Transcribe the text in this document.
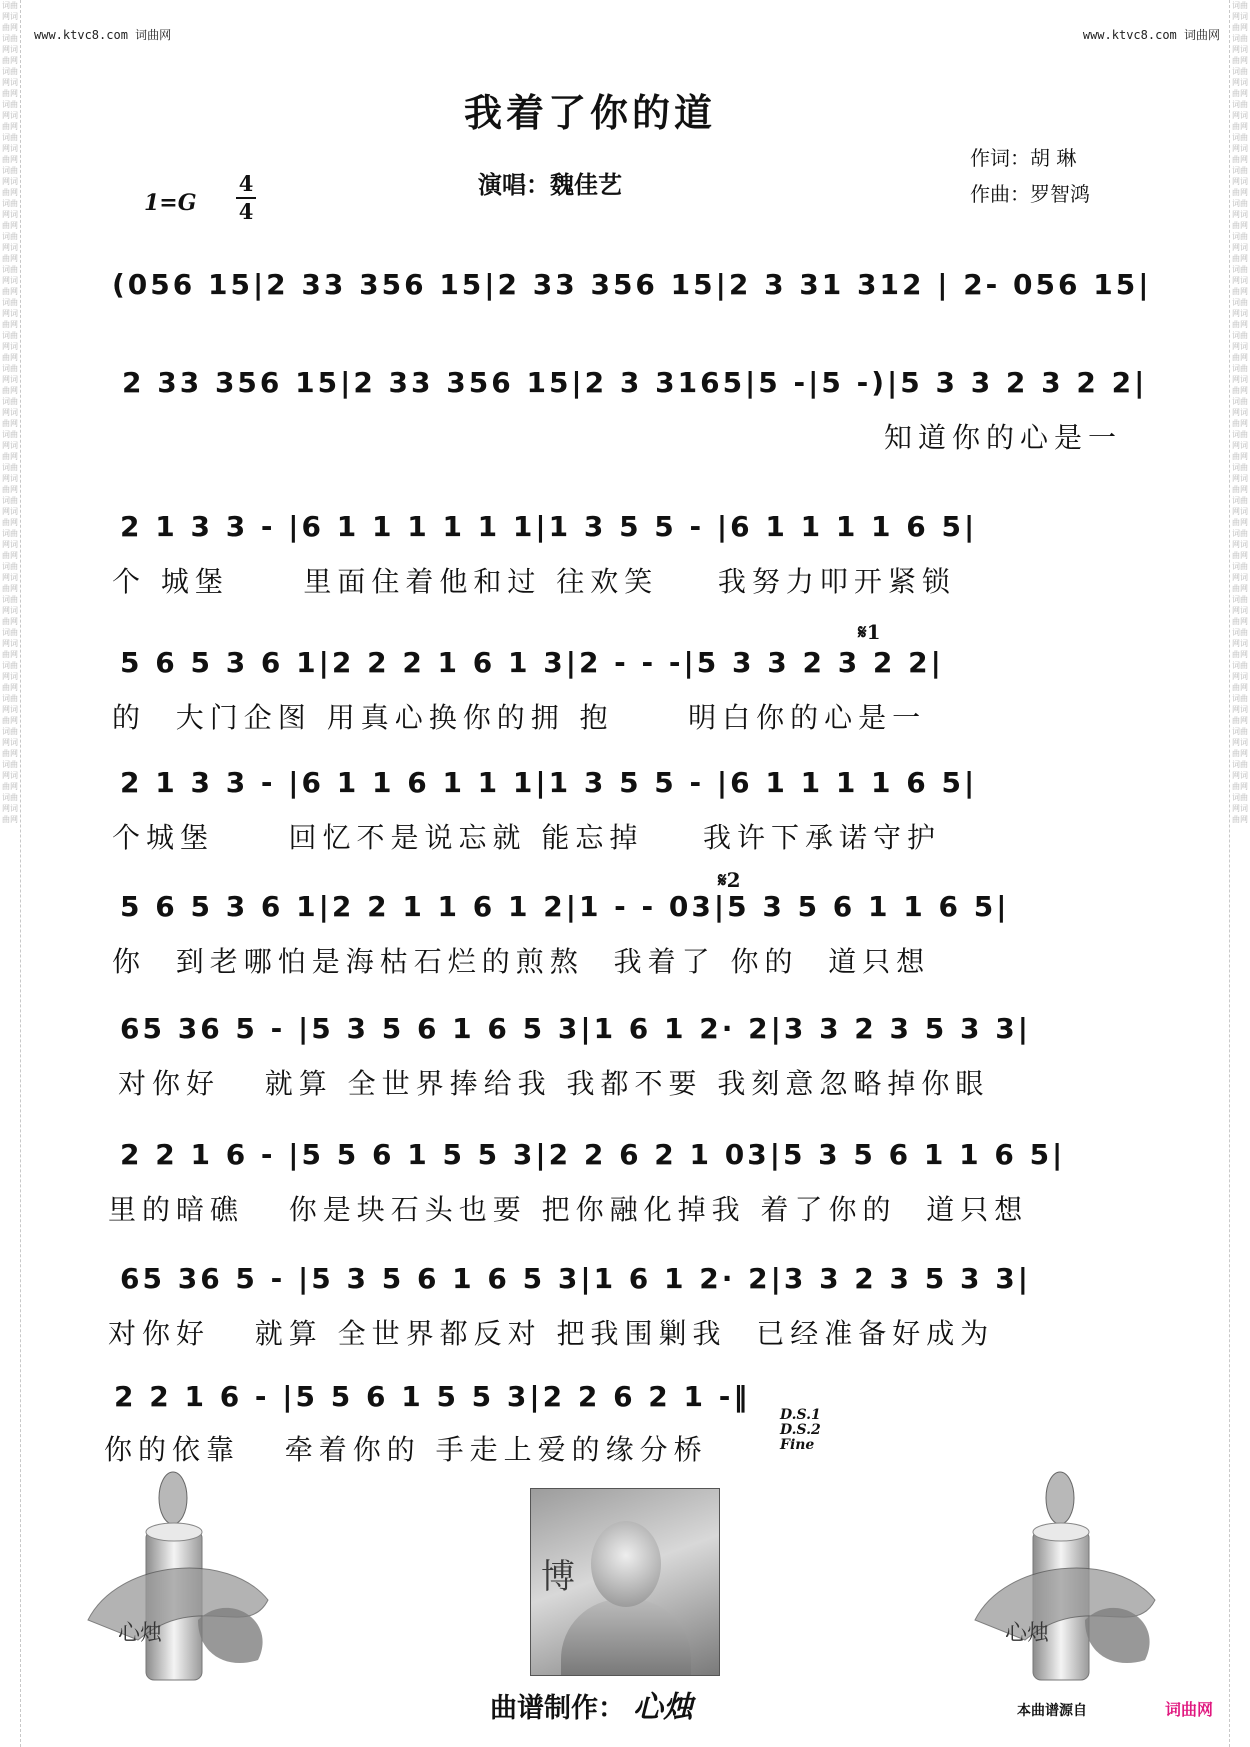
词曲网词曲网词曲网词曲网词曲网词曲网词曲网词曲网词曲网词曲网词曲网词曲网词曲网词曲网词曲网词曲网词曲网词曲网词曲网词曲网词曲网词曲网词曲网词曲网词曲网词曲网词曲网词曲网词曲网词曲网词曲网词曲网词曲网词曲网词曲网词曲网词曲网词曲网词曲网词曲网词曲网词曲网词曲网词曲网词曲网词曲网词曲网词曲网词曲网词曲网
词曲网词曲网词曲网词曲网词曲网词曲网词曲网词曲网词曲网词曲网词曲网词曲网词曲网词曲网词曲网词曲网词曲网词曲网词曲网词曲网词曲网词曲网词曲网词曲网词曲网词曲网词曲网词曲网词曲网词曲网词曲网词曲网词曲网词曲网词曲网词曲网词曲网词曲网词曲网词曲网词曲网词曲网词曲网词曲网词曲网词曲网词曲网词曲网词曲网词曲网
www.ktvc8.com 词曲网	www.ktvc8.com 词曲网
我着了你的道
演唱：魏佳艺
作词：胡 琳
作曲：罗智鸿
1=G
4
4
(056 15|2 33 356 15|2 33 356 15|2 3 31 312 | 2- 056 15|
2 33 356 15|2 33 356 15|2 3 3165|5 -|5 -)|5 3 3 2 3 2 2|
知道你的心是一
2 1 3 3 - |6 1 1 1 1 1 1|1 3 5 5 - |6 1 1 1 1 6 5|
个 城堡     里面住着他和过 往欢笑    我努力叩开紧锁
𝄋1
5 6 5 3 6 1|2 2 2 1 6 1 3|2 - - -|5 3 3 2 3 2 2|
的  大门企图 用真心换你的拥 抱     明白你的心是一
2 1 3 3 - |6 1 1 6 1 1 1|1 3 5 5 - |6 1 1 1 1 6 5|
个城堡     回忆不是说忘就 能忘掉    我许下承诺守护
𝄋2
5 6 5 3 6 1|2 2 1 1 6 1 2|1 - - 03|5 3 5 6 1 1 6 5|
你  到老哪怕是海枯石烂的煎熬  我着了 你的  道只想
65 36 5 - |5 3 5 6 1 6 5 3|1 6 1 2· 2|3 3 2 3 5 3 3|
对你好   就算 全世界捧给我 我都不要 我刻意忽略掉你眼
2 2 1 6 - |5 5 6 1 5 5 3|2 2 6 2 1 03|5 3 5 6 1 1 6 5|
里的暗礁   你是块石头也要 把你融化掉我 着了你的  道只想
65 36 5 - |5 3 5 6 1 6 5 3|1 6 1 2· 2|3 3 2 3 5 3 3|
对你好   就算 全世界都反对 把我围剿我  已经准备好成为
2 2 1 6 - |5 5 6 1 5 5 3|2 2 6 2 1 -‖
你的依靠   牵着你的 手走上爱的缘分桥
D.S.1
D.S.2
Fine
心烛	心烛
博
曲谱制作： 心烛	本曲谱源自	词曲网
